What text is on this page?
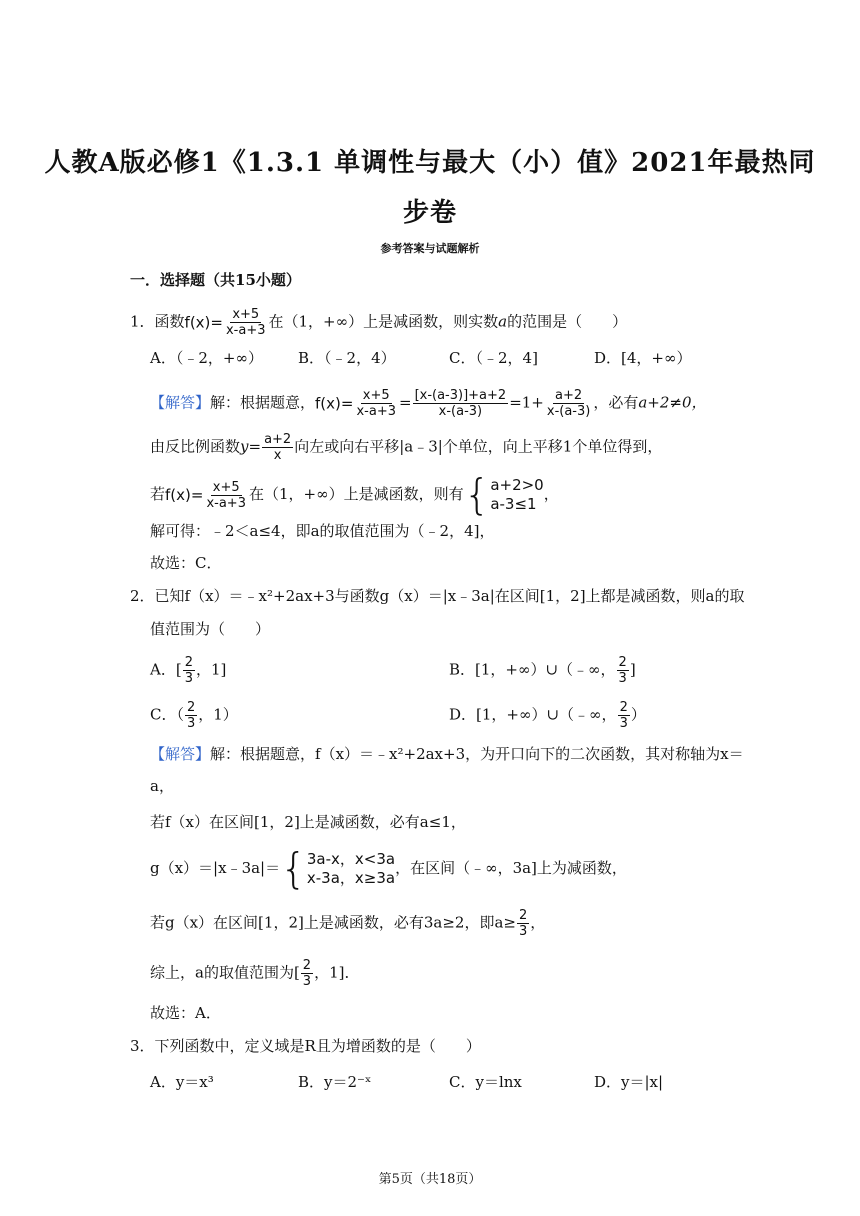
人教A版必修1《1.3.1 单调性与最大（小）值》2021年最热同
步卷
参考答案与试题解析
一．选择题（共15小题）
1．函数$f(x)= \frac{x+5}{x-a+3}$ 在（1，+∞）上是减函数，则实数a的范围是（　　）
A．（﹣2，+∞） B．（﹣2，4）	C．（﹣2，4]	D．[4，+∞）
【解答】解：根据题意，$f(x)= \frac{x+5}{x-a+3} = \frac{[x-(a-3)]+a+2}{x-(a-3)} =1+ \frac{a+2}{x-(a-3)}$ ，必有a+2≠0，
由反比例函数$y= \frac{a+2}{x}$ 向左或向右平移|a﹣3|个单位，向上平移1个单位得到，
若$f(x)= \frac{x+5}{x-a+3}$ 在（1，+∞）上是减函数，则有 { a+2>0
a-3≤1
，
解可得：﹣2＜a≤4，即a的取值范围为（﹣2，4]，
故选：C．
2．已知f（x）＝﹣x²+2ax+3与函数g（x）＝|x﹣3a|在区间[1，2]上都是减函数，则a的取
值范围为（　　）
A．[ $\frac{2}{3}$ ，1]	B．[1，+∞）∪（﹣∞， $\frac{2}{3}$ ]
C．（ $\frac{2}{3}$ ，1）	D．[1，+∞）∪（﹣∞， $\frac{2}{3}$ ）
【解答】解：根据题意，f（x）＝﹣x²+2ax+3，为开口向下的二次函数，其对称轴为x＝
a，
若f（x）在区间[1，2]上是减函数，必有a≤1，
g（x）＝|x﹣3a|＝ { 3a-x，x<3a
x-3a，x≥3a
，在区间（﹣∞，3a]上为减函数，
若g（x）在区间[1，2]上是减函数，必有3a≥2，即$a\ge \frac{2}{3}$ ，
综上，a的取值范围为[ $\frac{2}{3}$ ，1]．
故选：A．
3．下列函数中，定义域是R且为增函数的是（　　）
A．y＝x³	B．y＝2⁻ˣ	C．y＝lnx	D．y＝|x|
第5页（共18页）
